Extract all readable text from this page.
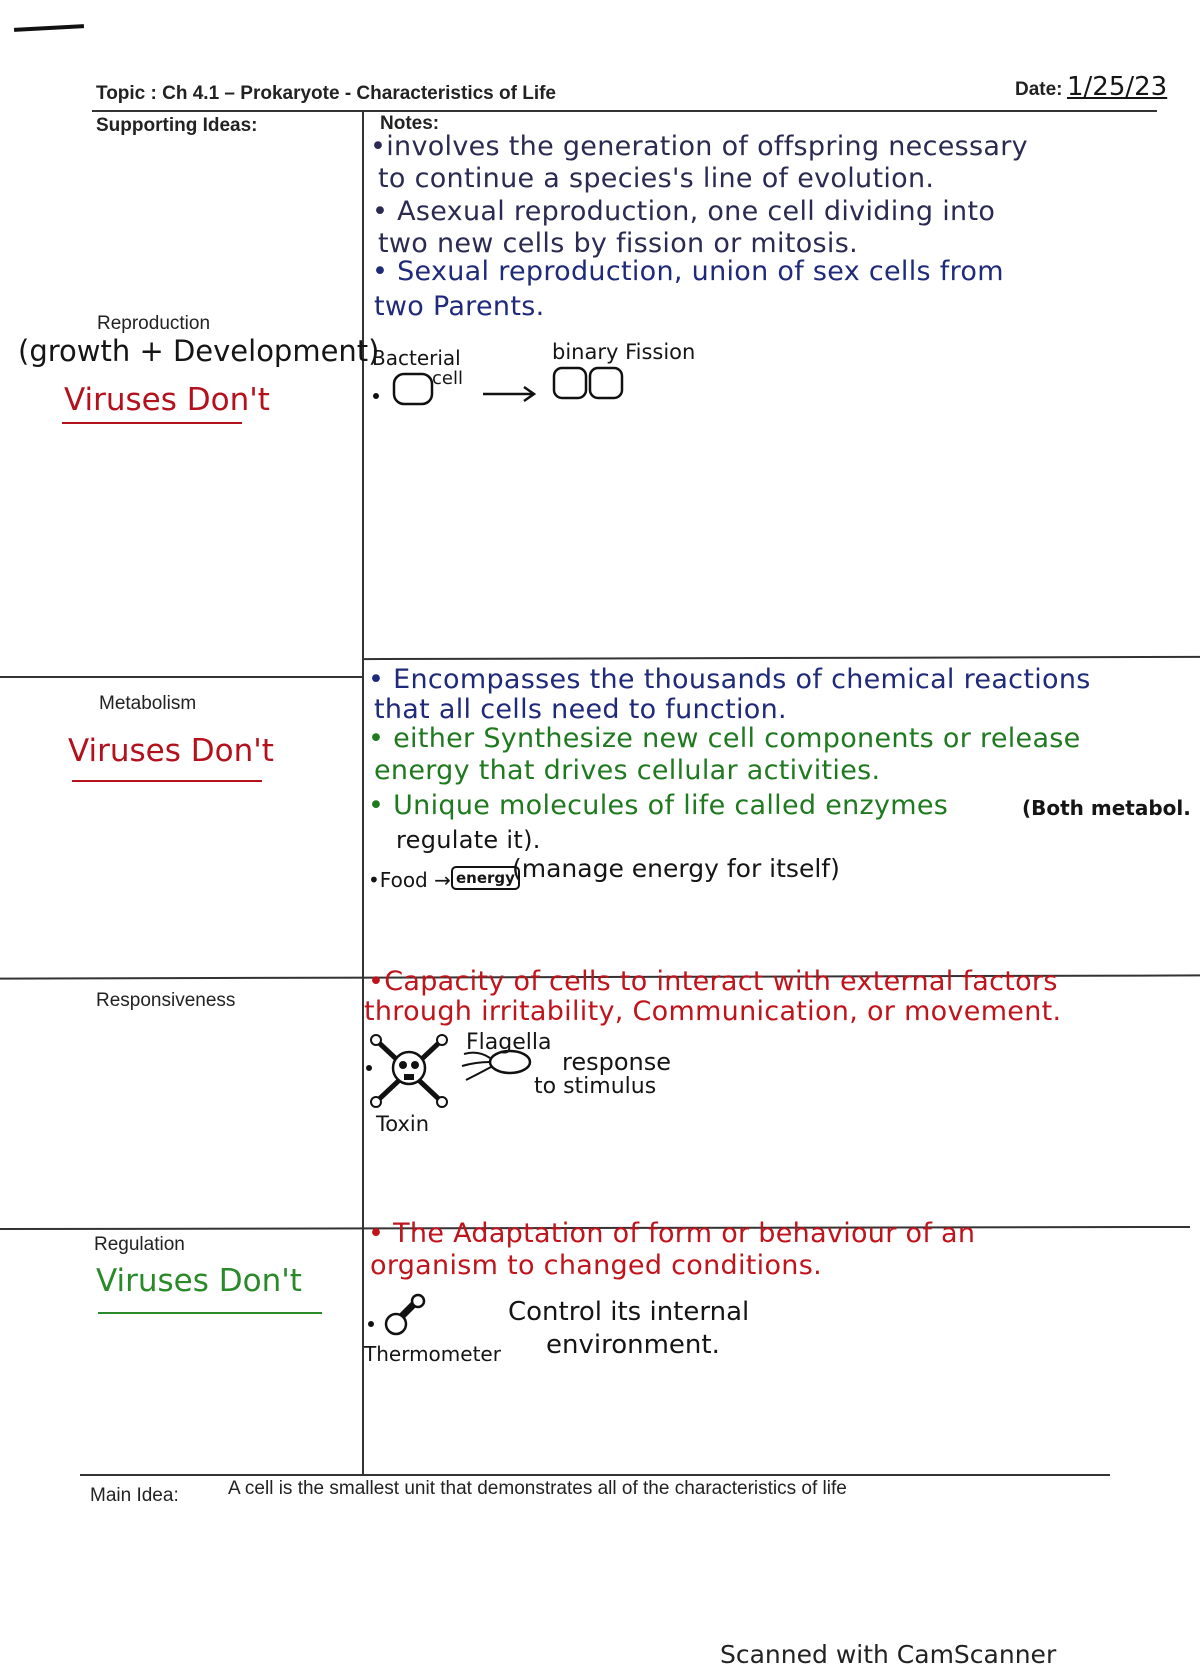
Topic : Ch 4.1 – Prokaryote - Characteristics of Life	Date: 1/25/23
Supporting Ideas:	Notes:
Reproduction
(growth + Development)
Viruses Don't
•involves the generation of offspring necessary
to continue a species's line of evolution.
• Asexual reproduction, one cell dividing into
two new cells by fission or mitosis.
• Sexual reproduction, union of sex cells from
two Parents.
Bacterial
cell
binary Fission
Metabolism
Viruses Don't
• Encompasses the thousands of chemical reactions
that all cells need to function.
• either Synthesize new cell components or release
energy that drives cellular activities.
• Unique molecules of life called enzymes	(Both metabol.
regulate it).
•Food → energy
(manage energy for itself)
Responsiveness
•Capacity of cells to interact with external factors
through irritability, Communication, or movement.
Toxin
Flagella
response
to stimulus
Regulation
Viruses Don't
• The Adaptation of form or behaviour of an
organism to changed conditions.
Thermometer
Control its internal
environment.
Main Idea:	A cell is the smallest unit that demonstrates all of the characteristics of life
Scanned with CamScanner
